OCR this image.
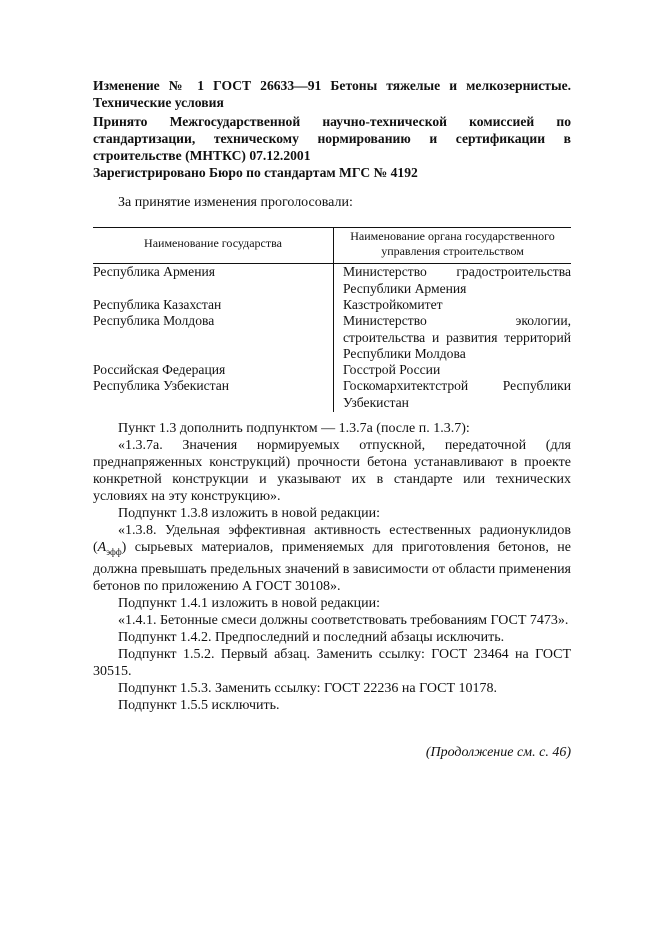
Изменение № 1 ГОСТ 26633—91 Бетоны тяжелые и мелкозернистые. Технические условия
Принято Межгосударственной научно-технической комиссией по стандартизации, техническому нормированию и сертификации в строительстве (МНТКС) 07.12.2001
Зарегистрировано Бюро по стандартам МГС № 4192
За принятие изменения проголосовали:
Наименование государства	Наименование органа государственного управления строительством
Республика Армения	Министерство градостроительства Республики Армения
Республика Казахстан	Казстройкомитет
Республика Молдова	Министерство экологии, строительства и развития территорий Республики Молдова
Российская Федерация	Госстрой России
Республика Узбекистан	Госкомархитектстрой Республики Узбекистан

Пункт 1.3 дополнить подпунктом — 1.3.7а (после п. 1.3.7):

«1.3.7а. Значения нормируемых отпускной, передаточной (для преднапряженных конструкций) прочности бетона устанавливают в проекте конкретной конструкции и указывают их в стандарте или технических условиях на эту конструкцию».

Подпункт 1.3.8 изложить в новой редакции:

«1.3.8. Удельная эффективная активность естественных радионуклидов $(A_{эфф})$ сырьевых материалов, применяемых для приготовления бетонов, не должна превышать предельных значений в зависимости от области применения бетонов по приложению А ГОСТ 30108».

Подпункт 1.4.1 изложить в новой редакции:

«1.4.1. Бетонные смеси должны соответствовать требованиям ГОСТ 7473».

Подпункт 1.4.2. Предпоследний и последний абзацы исключить.

Подпункт 1.5.2. Первый абзац. Заменить ссылку: ГОСТ 23464 на ГОСТ 30515.

Подпункт 1.5.3. Заменить ссылку: ГОСТ 22236 на ГОСТ 10178.

Подпункт 1.5.5 исключить.

(Продолжение см. с. 46)
